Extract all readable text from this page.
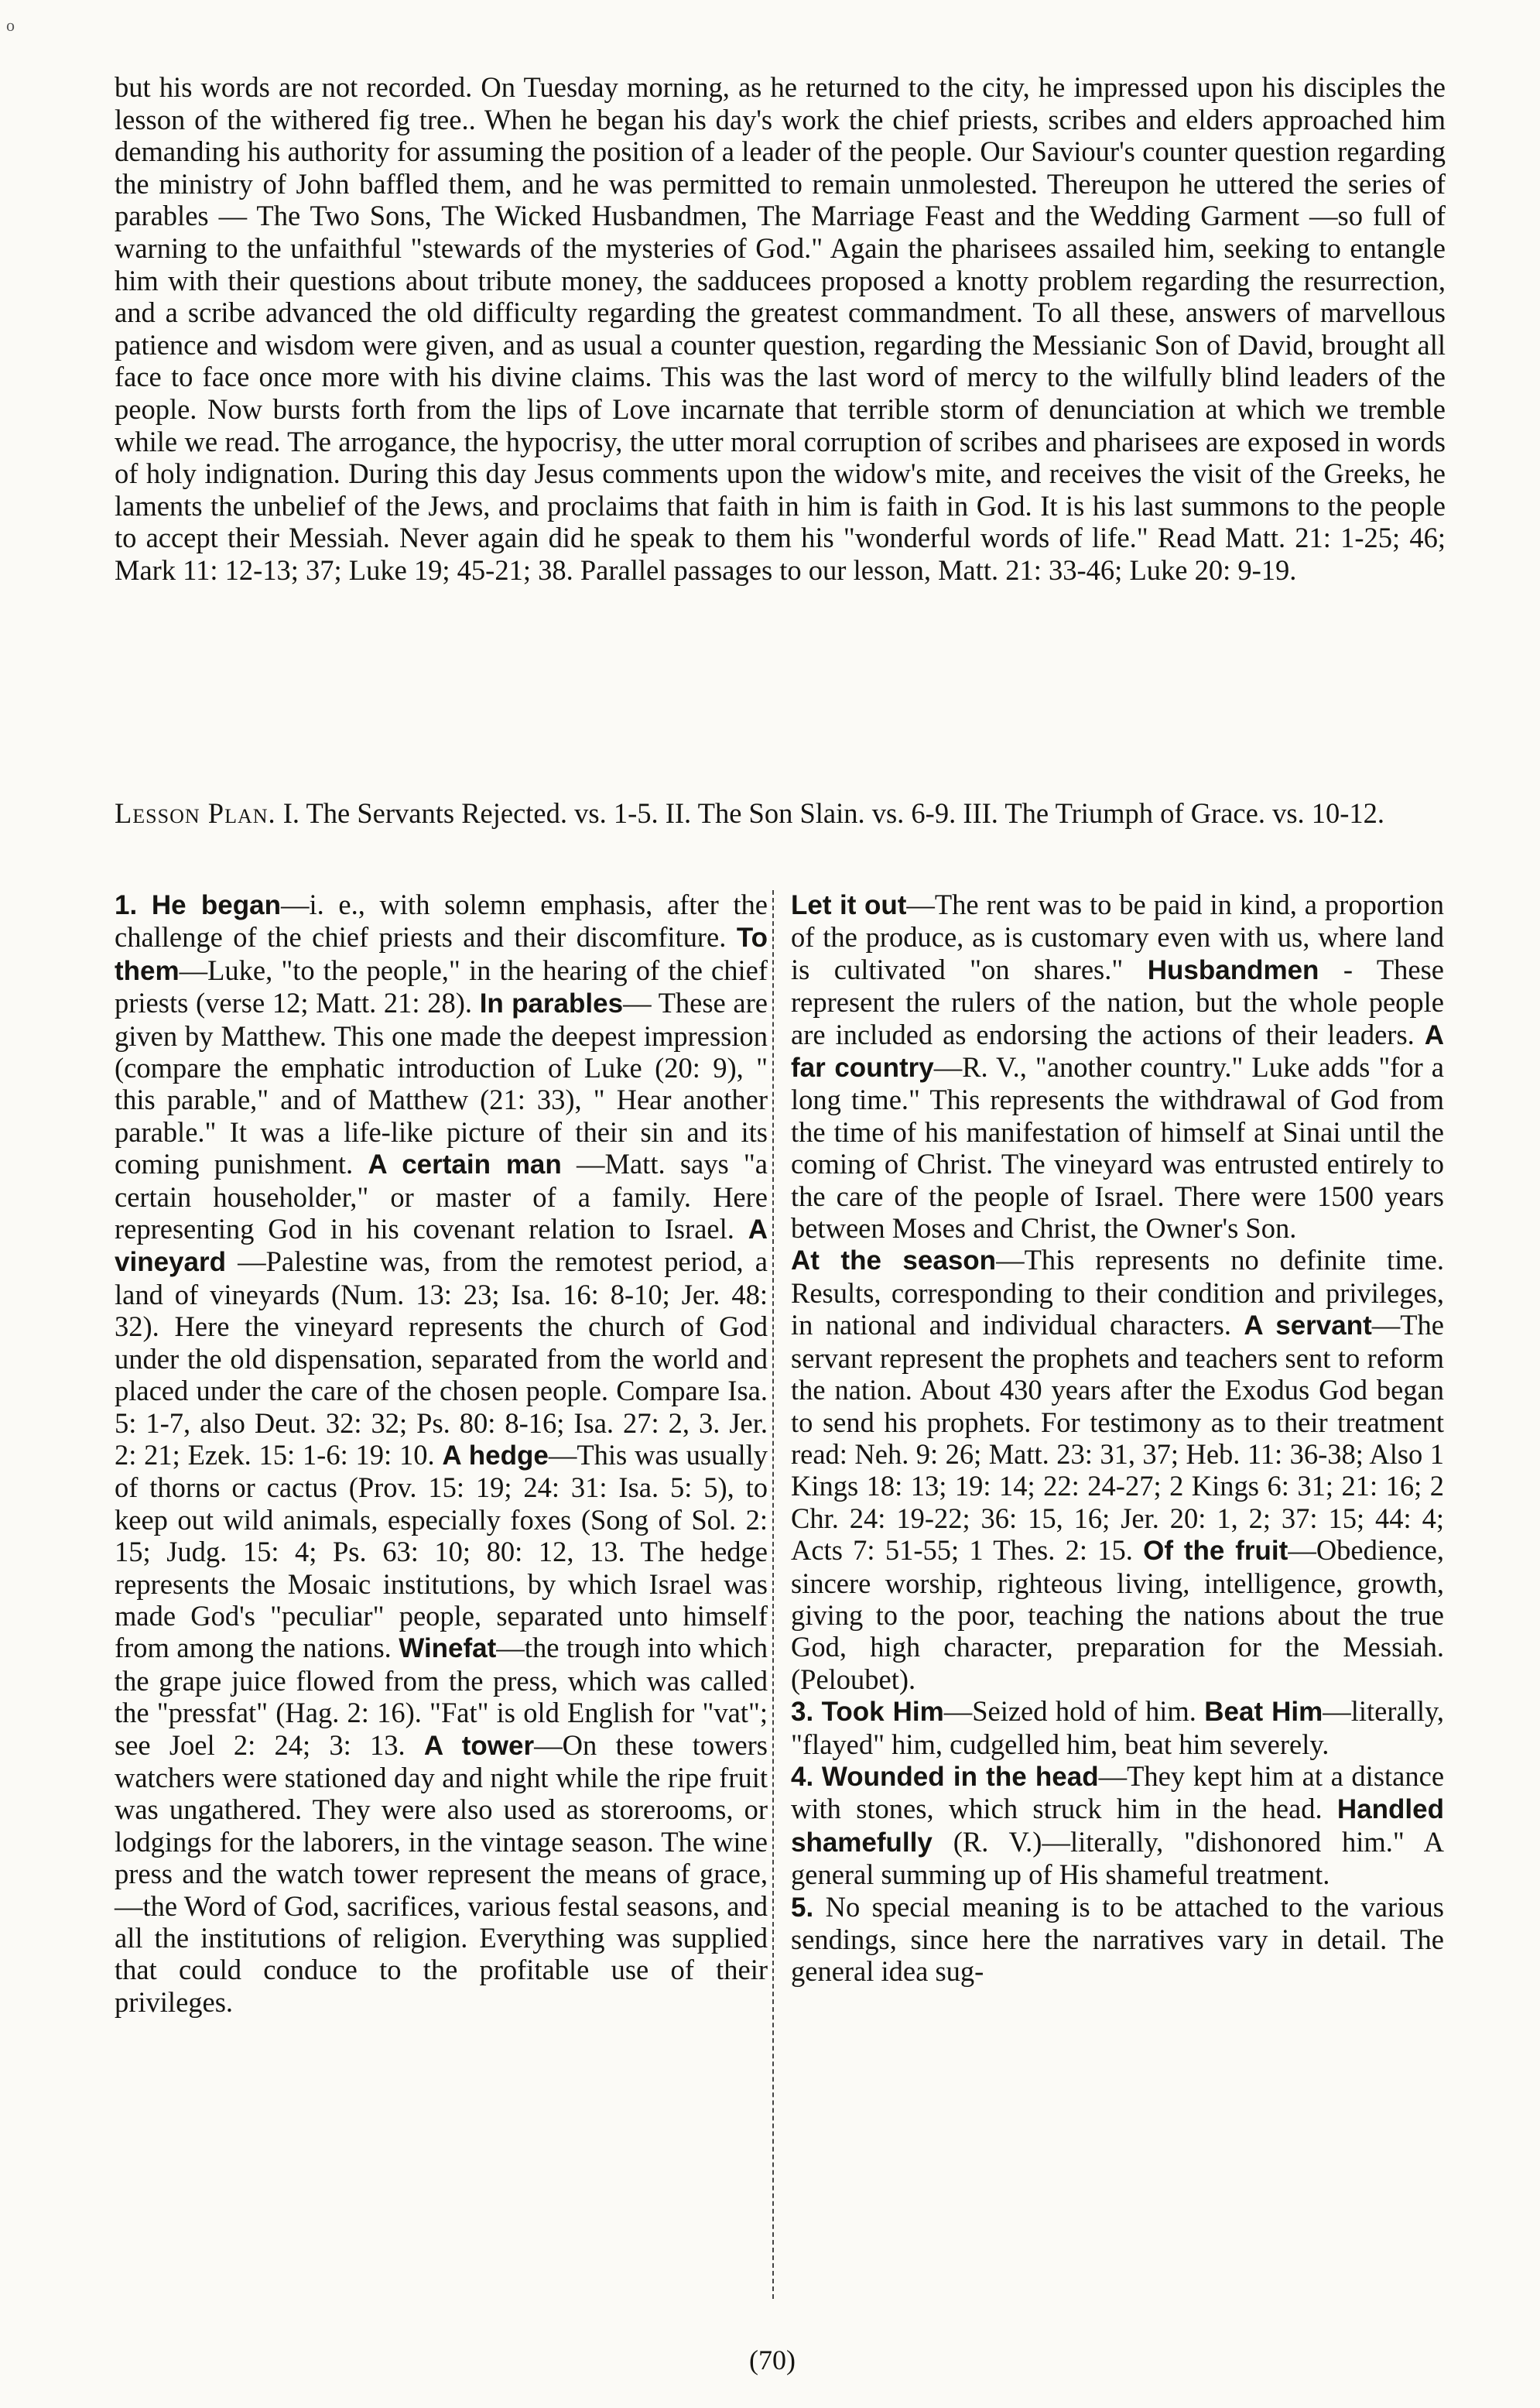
o

but his words are not recorded. On Tuesday morning, as he returned to the city, he impressed upon his disciples the lesson of the withered fig tree.. When he began his day's work the chief priests, scribes and elders approached him demanding his authority for assuming the position of a leader of the people. Our Saviour's counter question regarding the ministry of John baffled them, and he was permitted to remain unmolested. Thereupon he uttered the series of parables — The Two Sons, The Wicked Husbandmen, The Marriage Feast and the Wedding Garment —so full of warning to the unfaithful "stewards of the mysteries of God." Again the pharisees assailed him, seeking to entangle him with their questions about tribute money, the sadducees proposed a knotty problem regarding the resurrection, and a scribe advanced the old difficulty regarding the greatest commandment. To all these, answers of marvellous patience and wisdom were given, and as usual a counter question, regarding the Messianic Son of David, brought all face to face once more with his divine claims. This was the last word of mercy to the wilfully blind leaders of the people. Now bursts forth from the lips of Love incarnate that terrible storm of denunciation at which we tremble while we read. The arrogance, the hypocrisy, the utter moral corruption of scribes and pharisees are exposed in words of holy indignation. During this day Jesus comments upon the widow's mite, and receives the visit of the Greeks, he laments the unbelief of the Jews, and proclaims that faith in him is faith in God. It is his last summons to the people to accept their Messiah. Never again did he speak to them his "wonderful words of life." Read Matt. 21: 1-25; 46; Mark 11: 12-13; 37; Luke 19; 45-21; 38. Parallel passages to our lesson, Matt. 21: 33-46; Luke 20: 9-19.

Lesson Plan. I. The Servants Rejected. vs. 1-5. II. The Son Slain. vs. 6-9. III. The Triumph of Grace. vs. 10-12.

1. He began—i. e., with solemn emphasis, after the challenge of the chief priests and their discomfiture. To them—Luke, "to the people," in the hearing of the chief priests (verse 12; Matt. 21: 28). In parables— These are given by Matthew. This one made the deepest impression (compare the emphatic introduction of Luke (20: 9), " this parable," and of Matthew (21: 33), " Hear another parable." It was a life-like picture of their sin and its coming punishment. A certain man —Matt. says "a certain householder," or master of a family. Here representing God in his covenant relation to Israel. A vineyard —Palestine was, from the remotest period, a land of vineyards (Num. 13: 23; Isa. 16: 8-10; Jer. 48: 32). Here the vineyard represents the church of God under the old dispensation, separated from the world and placed under the care of the chosen people. Compare Isa. 5: 1-7, also Deut. 32: 32; Ps. 80: 8-16; Isa. 27: 2, 3. Jer. 2: 21; Ezek. 15: 1-6: 19: 10. A hedge—This was usually of thorns or cactus (Prov. 15: 19; 24: 31: Isa. 5: 5), to keep out wild animals, especially foxes (Song of Sol. 2: 15; Judg. 15: 4; Ps. 63: 10; 80: 12, 13. The hedge represents the Mosaic institutions, by which Israel was made God's "peculiar" people, separated unto himself from among the nations. Winefat—the trough into which the grape juice flowed from the press, which was called the "pressfat" (Hag. 2: 16). "Fat" is old English for "vat"; see Joel 2: 24; 3: 13. A tower—On these towers watchers were stationed day and night while the ripe fruit was ungathered. They were also used as storerooms, or lodgings for the laborers, in the vintage season. The wine press and the watch tower represent the means of grace,—the Word of God, sacrifices, various festal seasons, and all the institutions of religion. Everything was supplied that could conduce to the profitable use of their privileges.

Let it out—The rent was to be paid in kind, a proportion of the produce, as is customary even with us, where land is cultivated "on shares." Husbandmen - These represent the rulers of the nation, but the whole people are included as endorsing the actions of their leaders. A far country—R. V., "another country." Luke adds "for a long time." This represents the withdrawal of God from the time of his manifestation of himself at Sinai until the coming of Christ. The vineyard was entrusted entirely to the care of the people of Israel. There were 1500 years between Moses and Christ, the Owner's Son.

At the season—This represents no definite time. Results, corresponding to their condition and privileges, in national and individual characters. A servant—The servant represent the prophets and teachers sent to reform the nation. About 430 years after the Exodus God began to send his prophets. For testimony as to their treatment read: Neh. 9: 26; Matt. 23: 31, 37; Heb. 11: 36-38; Also 1 Kings 18: 13; 19: 14; 22: 24-27; 2 Kings 6: 31; 21: 16; 2 Chr. 24: 19-22; 36: 15, 16; Jer. 20: 1, 2; 37: 15; 44: 4; Acts 7: 51-55; 1 Thes. 2: 15. Of the fruit—Obedience, sincere worship, righteous living, intelligence, growth, giving to the poor, teaching the nations about the true God, high character, preparation for the Messiah. (Peloubet).

3. Took Him—Seized hold of him. Beat Him—literally, "flayed" him, cudgelled him, beat him severely.

4. Wounded in the head—They kept him at a distance with stones, which struck him in the head. Handled shamefully (R. V.)—literally, "dishonored him." A general summing up of His shameful treatment.

5. No special meaning is to be attached to the various sendings, since here the narratives vary in detail. The general idea sug-

(70)
